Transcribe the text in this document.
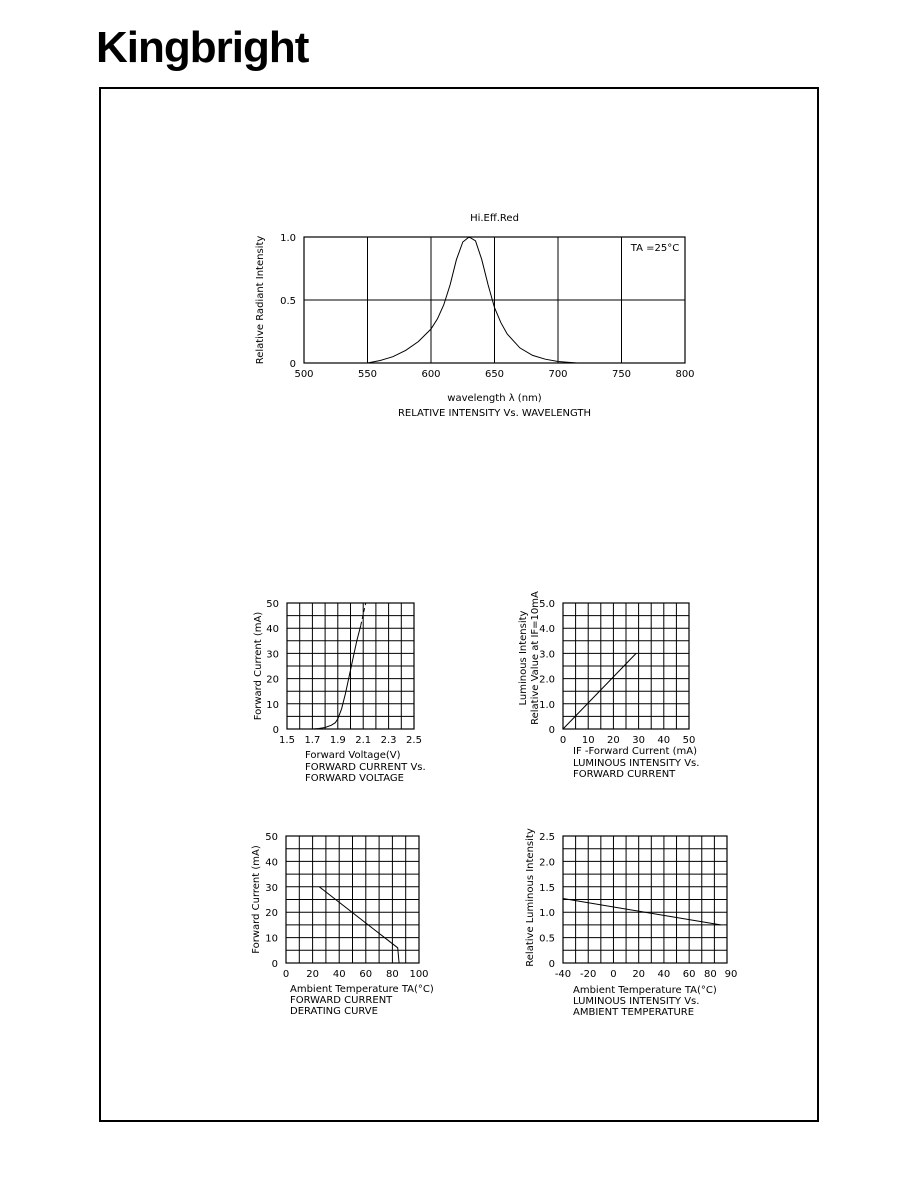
Kingbright
500	550	600	650	700	750	800
0
0.5
1.0
Hi.Eff.Red
TA =25°C
wavelength λ (nm)
Relative Radiant Intensity
RELATIVE INTENSITY Vs. WAVELENGTH
1.5 1.7 1.9 2.1 2.3 2.5
0
10
20
30
40
50
Forward Voltage(V)
Forward Current (mA)
FORWARD CURRENT Vs.
FORWARD VOLTAGE
0 10 20 30 40 50
0
1.0
2.0
3.0
4.0
5.0
IF -Forward Current (mA)
Luminous Intensity Relative Value at IF=10mA
LUMINOUS INTENSITY Vs.
FORWARD CURRENT
0 20 40 60 80 100
0
10
20
30
40
50
Ambient Temperature TA(°C)
Forward Current (mA)
FORWARD CURRENT
DERATING CURVE
-40 -20 0 20 40 60 80 90
0
0.5
1.0
1.5
2.0
2.5
Ambient Temperature TA(°C)
Relative Luminous Intensity
LUMINOUS INTENSITY Vs.
AMBIENT TEMPERATURE
